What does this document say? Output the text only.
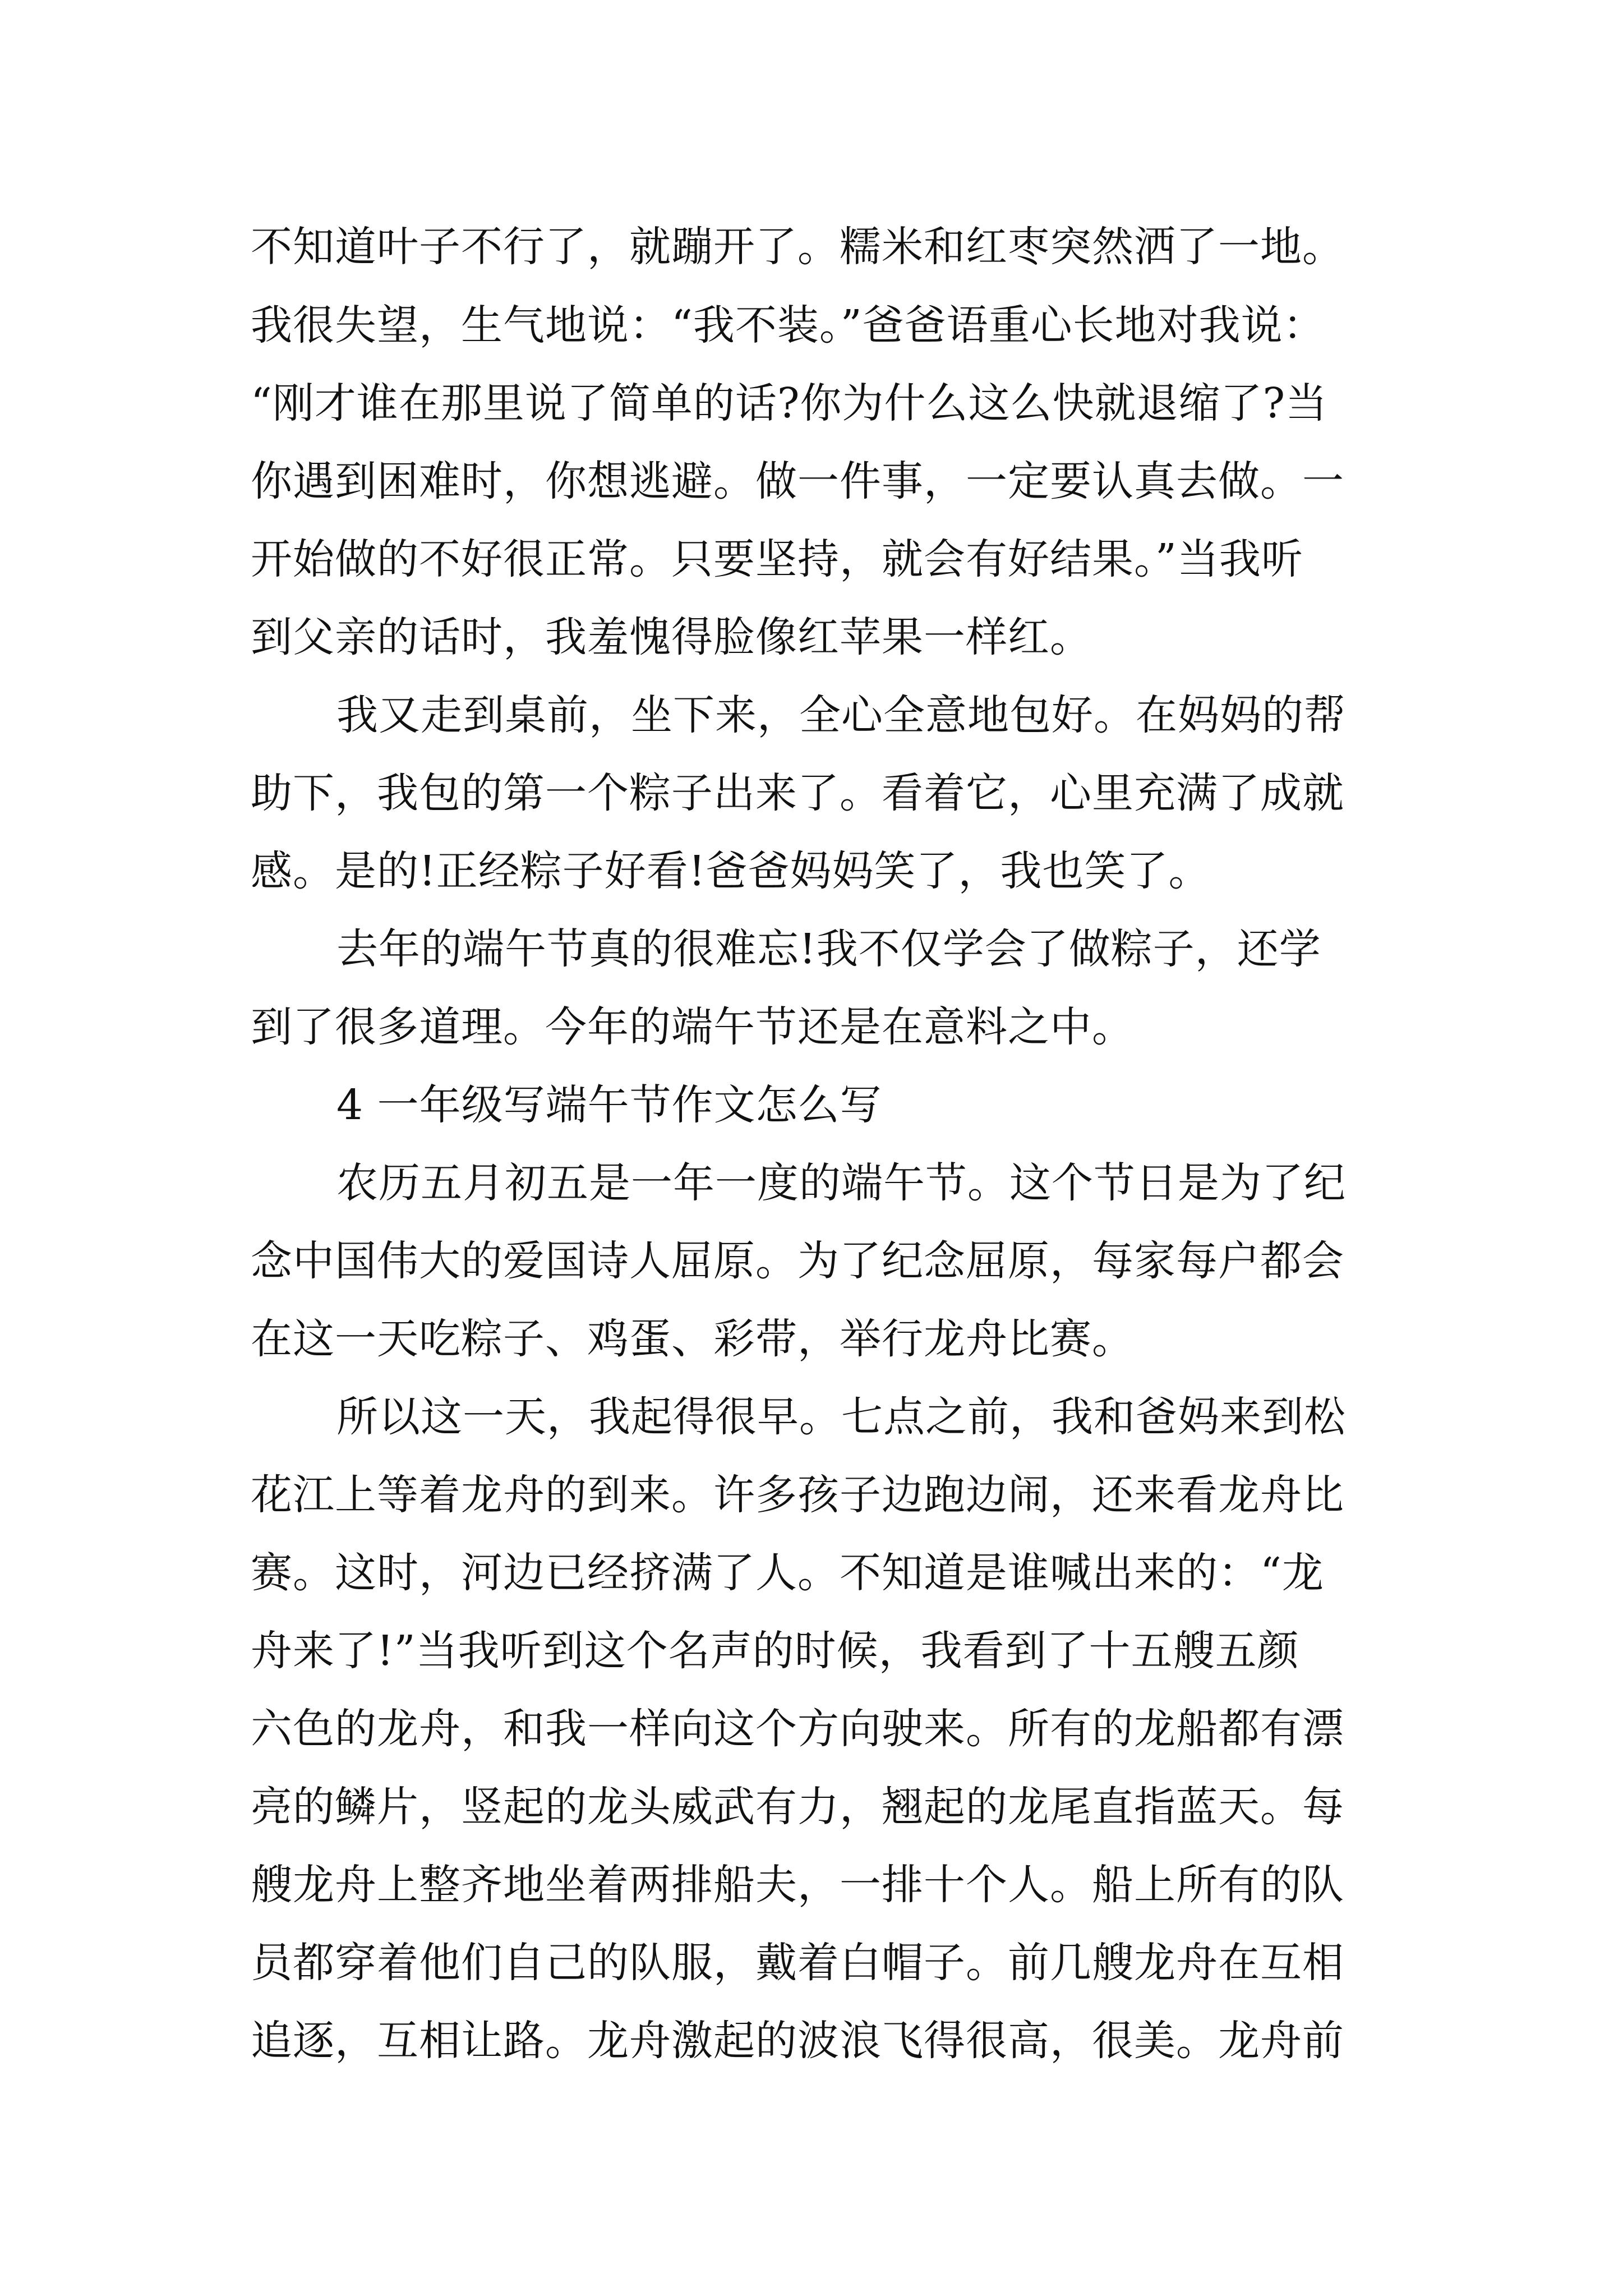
不知道叶子不行了，就蹦开了。糯米和红枣突然洒了一地。
我很失望，生气地说：“我不装。”爸爸语重心长地对我说：
“刚才谁在那里说了简单的话?你为什么这么快就退缩了?当
你遇到困难时，你想逃避。做一件事，一定要认真去做。一
开始做的不好很正常。只要坚持，就会有好结果。”当我听
到父亲的话时，我羞愧得脸像红苹果一样红。
我又走到桌前，坐下来，全心全意地包好。在妈妈的帮
助下，我包的第一个粽子出来了。看着它，心里充满了成就
感。是的!正经粽子好看!爸爸妈妈笑了，我也笑了。
去年的端午节真的很难忘!我不仅学会了做粽子，还学
到了很多道理。今年的端午节还是在意料之中。
4 一年级写端午节作文怎么写
农历五月初五是一年一度的端午节。这个节日是为了纪
念中国伟大的爱国诗人屈原。为了纪念屈原，每家每户都会
在这一天吃粽子、鸡蛋、彩带，举行龙舟比赛。
所以这一天，我起得很早。七点之前，我和爸妈来到松
花江上等着龙舟的到来。许多孩子边跑边闹，还来看龙舟比
赛。这时，河边已经挤满了人。不知道是谁喊出来的：“龙
舟来了!”当我听到这个名声的时候，我看到了十五艘五颜
六色的龙舟，和我一样向这个方向驶来。所有的龙船都有漂
亮的鳞片，竖起的龙头威武有力，翘起的龙尾直指蓝天。每
艘龙舟上整齐地坐着两排船夫，一排十个人。船上所有的队
员都穿着他们自己的队服，戴着白帽子。前几艘龙舟在互相
追逐，互相让路。龙舟激起的波浪飞得很高，很美。龙舟前
